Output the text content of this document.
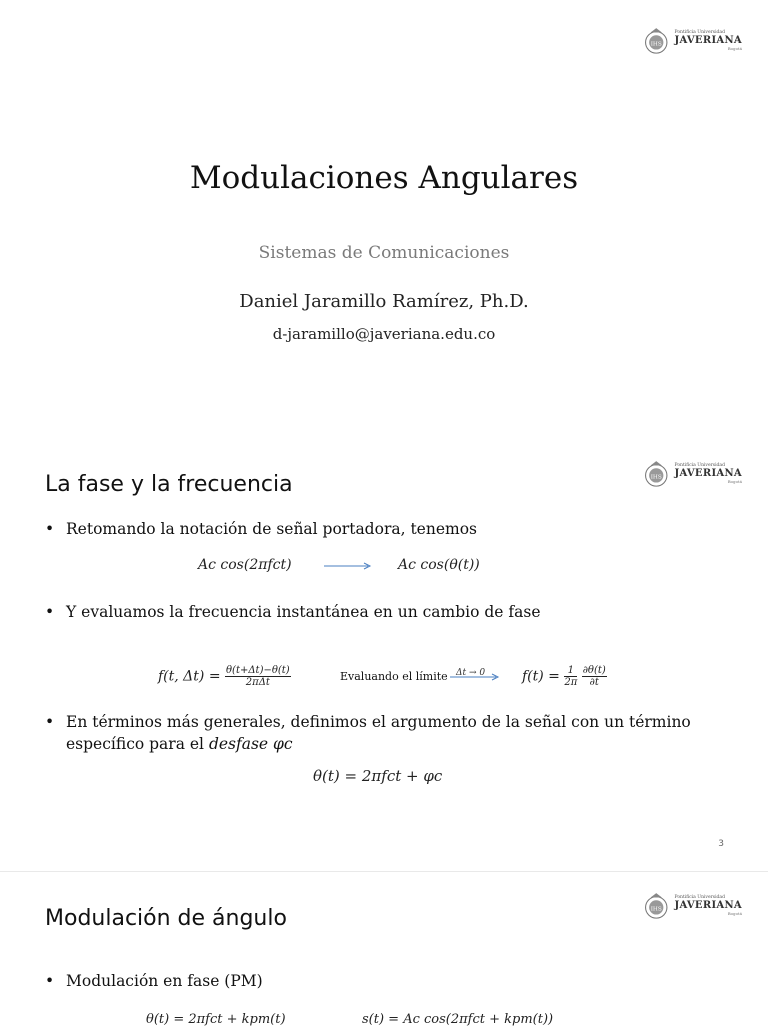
IHS
Pontificia Universidad
JAVERIANA
Bogotá
Modulaciones Angulares
Sistemas de Comunicaciones
Daniel Jaramillo Ramírez, Ph.D.
d-jaramillo@javeriana.edu.co
IHS
Pontificia Universidad
JAVERIANA
Bogotá
La fase y la frecuencia
• Retomando la notación de señal portadora, tenemos
Ac cos(2πfct)	Ac cos(θ(t))
• Y evaluamos la frecuencia instantánea en un cambio de fase
f(t, $\Delta t) = \frac{\theta(t+\Delta t)-\theta(t)}{\text{2πΔt}}$	Evaluando el límite Δt → 0	$f(t) = \frac{1}{2\pi}$
$\frac{\partial\theta(t)}{\partial t}$
• En términos más generales, definimos el argumento de la señal con un término
específico para el desfase φc
θ(t) = 2πfct + φc
3
IHS
Pontificia Universidad
JAVERIANA
Bogotá
Modulación de ángulo
• Modulación en fase (PM)
θ(t) = 2πfct + kpm(t)	s(t) = Ac cos(2πfct + kpm(t))
